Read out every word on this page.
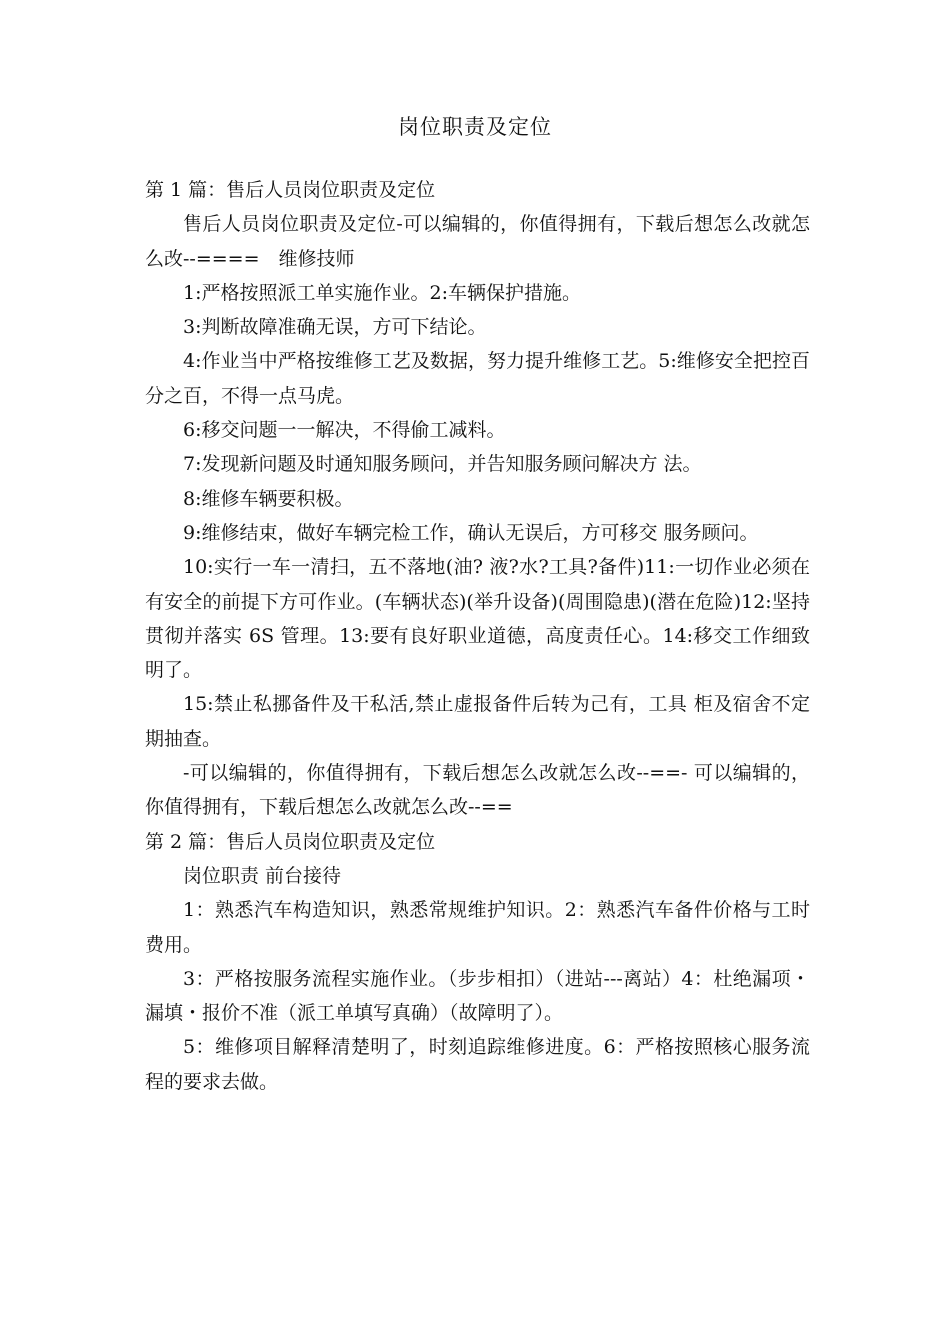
岗位职责及定位

第 1 篇：售后人员岗位职责及定位

售后人员岗位职责及定位-可以编辑的，你值得拥有，下载后想怎么改就怎么改--====　维修技师

1:严格按照派工单实施作业。2:车辆保护措施。

3:判断故障准确无误，方可下结论。

4:作业当中严格按维修工艺及数据，努力提升维修工艺。5:维修安全把控百分之百，不得一点马虎。

6:移交问题一一解决，不得偷工减料。

7:发现新问题及时通知服务顾问，并告知服务顾问解决方 法。

8:维修车辆要积极。

9:维修结束，做好车辆完检工作，确认无误后，方可移交 服务顾问。

10:实行一车一清扫，五不落地(油? 液?水?工具?备件)11:一切作业必须在有安全的前提下方可作业。(车辆状态)(举升设备)(周围隐患)(潜在危险)12:坚持贯彻并落实 6S 管理。13:要有良好职业道德，高度责任心。14:移交工作细致明了。

15:禁止私挪备件及干私活,禁止虚报备件后转为己有，工具 柜及宿舍不定期抽查。

-可以编辑的，你值得拥有，下载后想怎么改就怎么改--==- 可以编辑的，你值得拥有，下载后想怎么改就怎么改--==

第 2 篇：售后人员岗位职责及定位

岗位职责 前台接待

1：熟悉汽车构造知识，熟悉常规维护知识。2：熟悉汽车备件价格与工时费用。

3：严格按服务流程实施作业。（步步相扣）（进站---离站）4：杜绝漏项・漏填・报价不准（派工单填写真确）（故障明了）。

5：维修项目解释清楚明了，时刻追踪维修进度。6：严格按照核心服务流程的要求去做。
